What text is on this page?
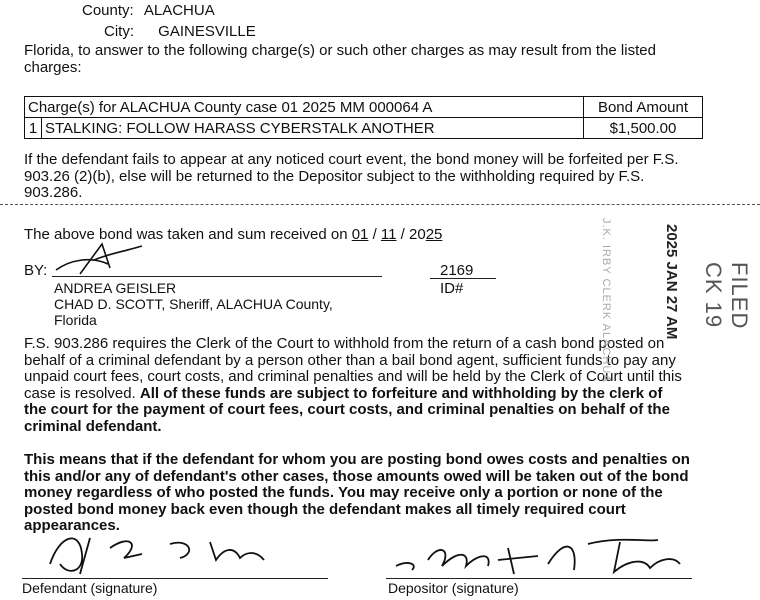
County: ALACHUA
City: GAINESVILLE
Florida, to answer to the following charge(s) or such other charges as may result from the listed charges:
Charge(s) for ALACHUA County case 01 2025 MM 000064 A		Bond Amount
1	STALKING: FOLLOW HARASS CYBERSTALK ANOTHER	$1,500.00
If the defendant fails to appear at any noticed court event, the bond money will be forfeited per F.S. 903.26 (2)(b), else will be returned to the Depositor subject to the withholding required by F.S. 903.286.
The above bond was taken and sum received on 01 / 11 / 2025
BY:	2169
ID#
ANDREA GEISLER
CHAD D. SCOTT, Sheriff, ALACHUA County,
Florida
F.S. 903.286 requires the Clerk of the Court to withhold from the return of a cash bond posted on behalf of a criminal defendant by a person other than a bail bond agent, sufficient funds to pay any unpaid court fees, court costs, and criminal penalties and will be held by the Clerk of Court until this case is resolved. All of these funds are subject to forfeiture and withholding by the clerk of the court for the payment of court fees, court costs, and criminal penalties on behalf of the criminal defendant.
This means that if the defendant for whom you are posting bond owes costs and penalties on this and/or any of defendant's other cases, those amounts owed will be taken out of the bond money regardless of who posted the funds. You may receive only a portion or none of the posted bond money back even though the defendant makes all timely required court appearances.
Defendant (signature)	Depositor (signature)
2025 JAN 27 AM FILED
CK 19
J.K. IRBY CLERK ALACHUA
